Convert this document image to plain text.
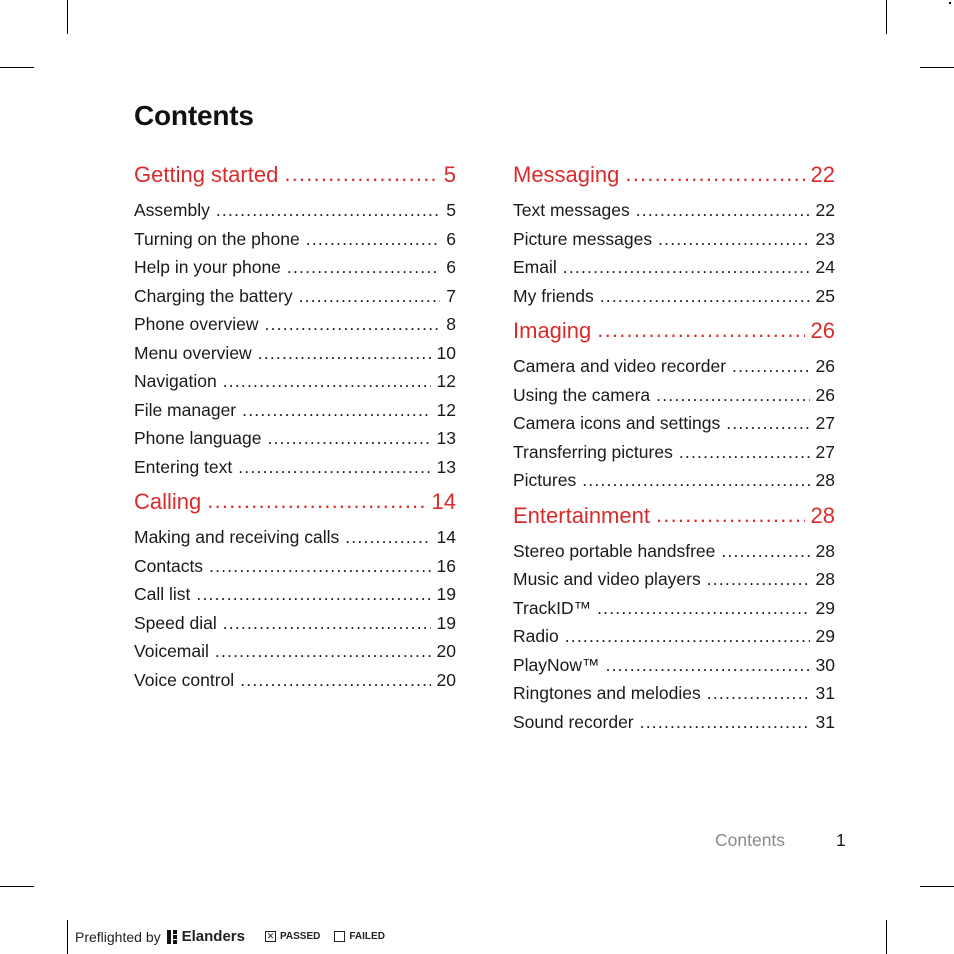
Contents
Getting started .....	5
Assembly .....	5
Turning on the phone .....	6
Help in your phone .....	6
Charging the battery .....	7
Phone overview .....	8
Menu overview .....	10
Navigation .....	12
File manager .....	12
Phone language .....	13
Entering text .....	13
Calling .....	14
Making and receiving calls .....	14
Contacts .....	16
Call list .....	19
Speed dial .....	19
Voicemail .....	20
Voice control .....	20
Messaging .....	22
Text messages .....	22
Picture messages .....	23
Email .....	24
My friends .....	25
Imaging .....	26
Camera and video recorder .....	26
Using the camera .....	26
Camera icons and settings .....	27
Transferring pictures .....	27
Pictures .....	28
Entertainment .....	28
Stereo portable handsfree .....	28
Music and video players .....	28
TrackID™ .....	29
Radio .....	29
PlayNow™ .....	30
Ringtones and melodies .....	31
Sound recorder .....	31
Contents	1
Preflighted by Elanders ✕ PASSED	FAILED
